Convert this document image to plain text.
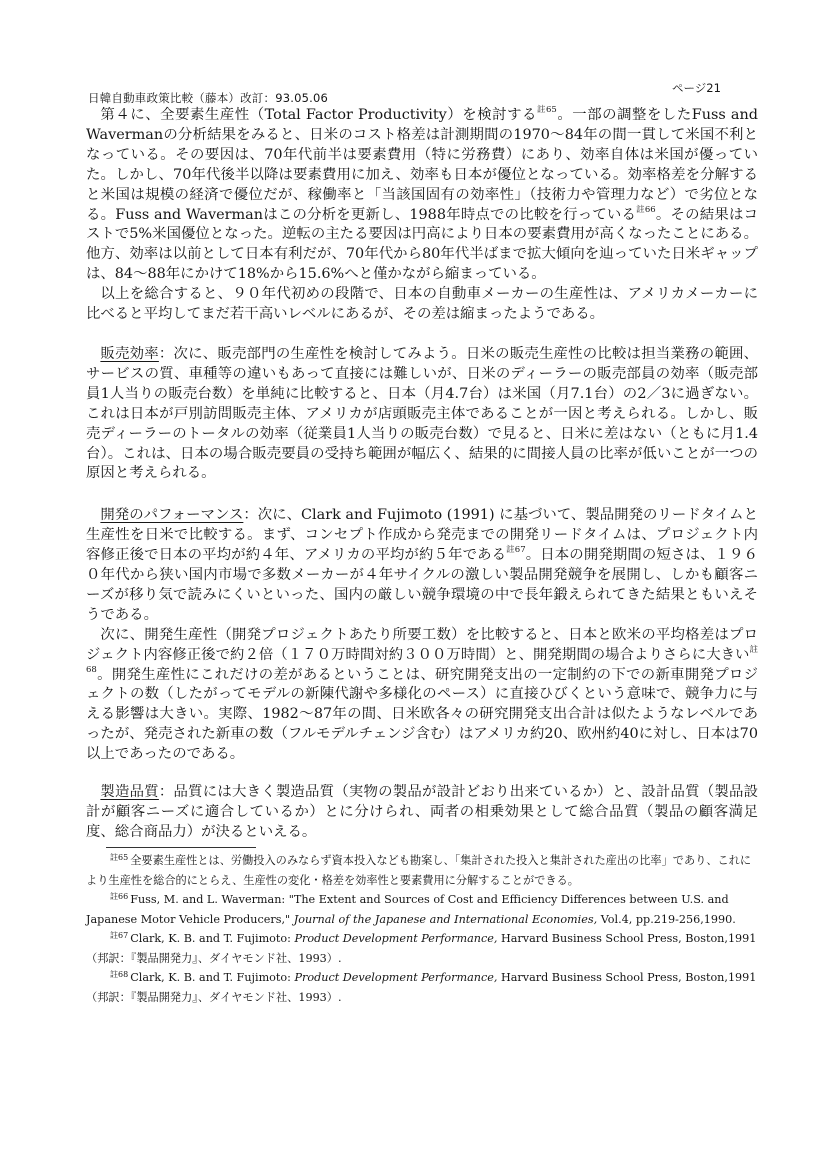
日韓自動車政策比較（藤本）改訂：93.05.06
ページ21

第４に、全要素生産性（Total Factor Productivity）を検討する$^{註65}$。一部の調整をしたFuss and Wavermanの分析結果をみると、日米のコスト格差は計測期間の1970～84年の間一貫して米国不利となっている。その要因は、70年代前半は要素費用（特に労務費）にあり、効率自体は米国が優っていた。しかし、70年代後半以降は要素費用に加え、効率も日本が優位となっている。効率格差を分解すると米国は規模の経済で優位だが、稼働率と「当該国固有の効率性」（技術力や管理力など）で劣位となる。Fuss and Wavermanはこの分析を更新し、1988年時点での比較を行っている$^{註66}$。その結果はコストで5%米国優位となった。逆転の主たる要因は円高により日本の要素費用が高くなったことにある。他方、効率は以前として日本有利だが、70年代から80年代半ばまで拡大傾向を辿っていた日米ギャップは、84～88年にかけて18%から15.6%へと僅かながら縮まっている。

以上を総合すると、９０年代初めの段階で、日本の自動車メーカーの生産性は、アメリカメーカーに比べると平均してまだ若干高いレベルにあるが、その差は縮まったようである。

販売効率：次に、販売部門の生産性を検討してみよう。日米の販売生産性の比較は担当業務の範囲、サービスの質、車種等の違いもあって直接には難しいが、日米のディーラーの販売部員の効率（販売部員1人当りの販売台数）を単純に比較すると、日本（月4.7台）は米国（月7.1台）の2／3に過ぎない。これは日本が戸別訪問販売主体、アメリカが店頭販売主体であることが一因と考えられる。しかし、販売ディーラーのトータルの効率（従業員1人当りの販売台数）で見ると、日米に差はない（ともに月1.4台）。これは、日本の場合販売要員の受持ち範囲が幅広く、結果的に間接人員の比率が低いことが一つの原因と考えられる。

開発のパフォーマンス：次に、Clark and Fujimoto (1991) に基づいて、製品開発のリードタイムと生産性を日米で比較する。まず、コンセプト作成から発売までの開発リードタイムは、プロジェクト内容修正後で日本の平均が約４年、アメリカの平均が約５年である$^{註67}$。日本の開発期間の短さは、１９６０年代から狭い国内市場で多数メーカーが４年サイクルの激しい製品開発競争を展開し、しかも顧客ニーズが移り気で読みにくいといった、国内の厳しい競争環境の中で長年鍛えられてきた結果ともいえそうである。

次に、開発生産性（開発プロジェクトあたり所要工数）を比較すると、日本と欧米の平均格差はプロジェクト内容修正後で約２倍（１７０万時間対約３００万時間）と、開発期間の場合よりさらに大きい$^{註68}$。開発生産性にこれだけの差があるということは、研究開発支出の一定制約の下での新車開発プロジェクトの数（したがってモデルの新陳代謝や多様化のペース）に直接ひびくという意味で、競争力に与える影響は大きい。実際、1982～87年の間、日米欧各々の研究開発支出合計は似たようなレベルであったが、発売された新車の数（フルモデルチェンジ含む）はアメリカ約20、欧州約40に対し、日本は70以上であったのである。

製造品質：品質には大きく製造品質（実物の製品が設計どおり出来ているか）と、設計品質（製品設計が顧客ニーズに適合しているか）とに分けられ、両者の相乗効果として総合品質（製品の顧客満足度、総合商品力）が決るといえる。

$^{註65}$ 全要素生産性とは、労働投入のみならず資本投入なども勘案し、「集計された投入と集計された産出の比率」であり、これにより生産性を総合的にとらえ、生産性の変化・格差を効率性と要素費用に分解することができる。

$^{註66}$ Fuss, M. and L. Waverman: "The Extent and Sources of Cost and Efficiency Differences between U.S. and Japanese Motor Vehicle Producers," Journal of the Japanese and International Economies, Vol.4, pp.219-256,1990.

$^{註67}$ Clark, K. B. and T. Fujimoto: Product Development Performance, Harvard Business School Press, Boston,1991（邦訳：『製品開発力』、ダイヤモンド社、1993）.

$^{註68}$ Clark, K. B. and T. Fujimoto: Product Development Performance, Harvard Business School Press, Boston,1991（邦訳：『製品開発力』、ダイヤモンド社、1993）.
